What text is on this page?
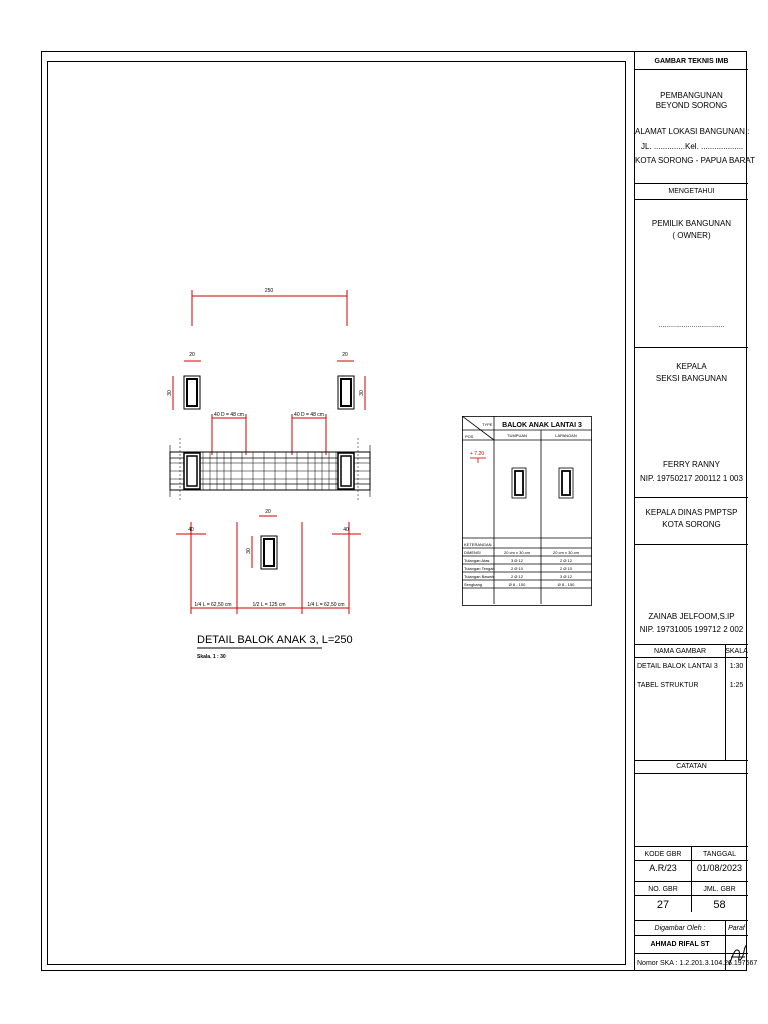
GAMBAR TEKNIS IMB
PEMBANGUNAN
BEYOND SORONG
ALAMAT LOKASI BANGUNAN :
JL. ..............Kel. ...................
KOTA SORONG - PAPUA BARAT
MENGETAHUI
PEMILIK BANGUNAN
( OWNER)
..................................
KEPALA
SEKSI BANGUNAN
FERRY RANNY
NIP. 19750217 200112 1 003
KEPALA DINAS PMPTSP
KOTA SORONG
ZAINAB JELFOOM,S.IP
NIP. 19731005 199712 2 002
NAMA GAMBAR	SKALA
DETAIL BALOK LANTAI 3	1:30
TABEL STRUKTUR	1:25
CATATAN
KODE GBR	TANGGAL
A.R/23	01/08/2023
NO. GBR	JML. GBR
27	58
Digambar Oleh :	Paraf
AHMAD RIFAL ST
Nomor SKA : 1.2.201.3.104.26.197667
250
20	20
30	30
40 D = 48 cm	40 D = 48 cm
40	40
20
30
1/4 L = 62,50 cm	1/2 L = 125 cm	1/4 L = 62,50 cm
DETAIL BALOK ANAK 3, L=250
Skala. 1 : 30
TYPE
POS
BALOK ANAK LANTAI 3
TUMPUAN	LAPANGAN
+ 7.20
KETERANGAN
DIMENSI	20 cm x 30 cm	20 cm x 30 cm
Tulangan Atas	3 Ø 12	2 Ø 12
Tulangan Tengah	2 Ø 10	2 Ø 10
Tulangan Bawah	2 Ø 12	3 Ø 12
Sengkang	Ø 8 - 100	Ø 8 - 150
